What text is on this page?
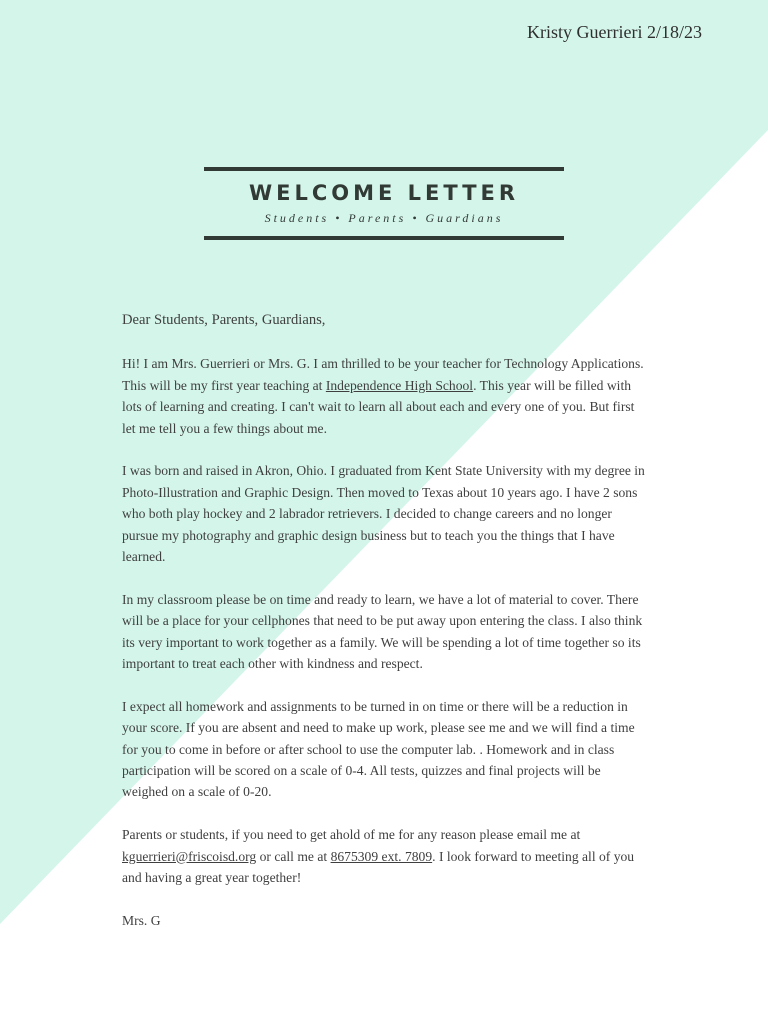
Kristy Guerrieri 2/18/23
WELCOME LETTER
Students • Parents • Guardians

Dear Students, Parents, Guardians,

Hi! I am Mrs. Guerrieri or Mrs. G. I am thrilled to be your teacher for Technology Applications. This will be my first year teaching at Independence High School. This year will be filled with lots of learning and creating. I can't wait to learn all about each and every one of you. But first let me tell you a few things about me.

I was born and raised in Akron, Ohio. I graduated from Kent State University with my degree in Photo-Illustration and Graphic Design. Then moved to Texas about 10 years ago. I have 2 sons who both play hockey and 2 labrador retrievers. I decided to change careers and no longer pursue my photography and graphic design business but to teach you the things that I have learned.

In my classroom please be on time and ready to learn, we have a lot of material to cover. There will be a place for your cellphones that need to be put away upon entering the class. I also think its very important to work together as a family. We will be spending a lot of time together so its important to treat each other with kindness and respect.

I expect all homework and assignments to be turned in on time or there will be a reduction in your score. If you are absent and need to make up work, please see me and we will find a time for you to come in before or after school to use the computer lab. . Homework and in class participation will be scored on a scale of 0-4. All tests, quizzes and final projects will be weighed on a scale of 0-20.

Parents or students, if you need to get ahold of me for any reason please email me at kguerrieri@friscoisd.org or call me at 8675309 ext. 7809. I look forward to meeting all of you and having a great year together!

Mrs. G
